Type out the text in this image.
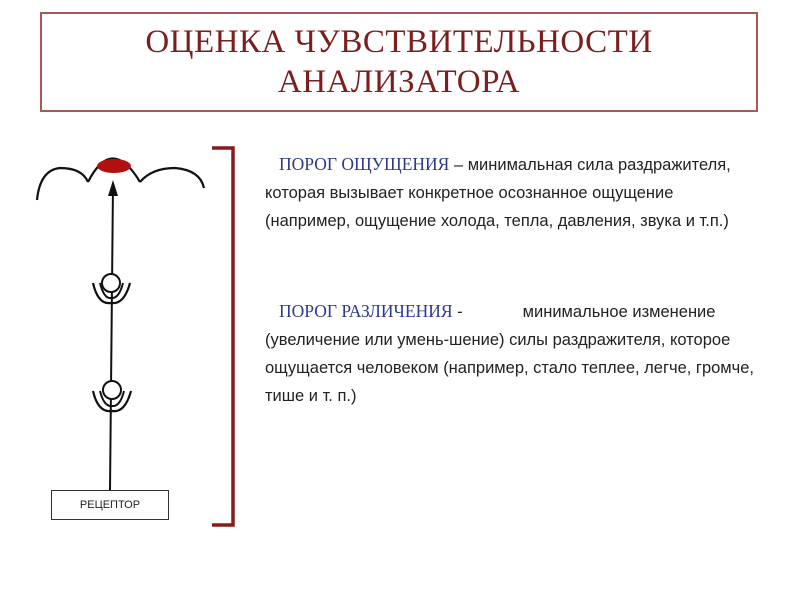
ОЦЕНКА ЧУВСТВИТЕЛЬНОСТИ
АНАЛИЗАТОРА
РЕЦЕПТОР
ПОРОГ ОЩУЩЕНИЯ – минимальная сила раздражителя, которая вызывает конкретное осознанное ощущение (например, ощущение холода, тепла, давления, звука и т.п.)
ПОРОГ РАЗЛИЧЕНИЯ -	минимальное изменение (увеличение или умень-шение) силы раздражителя, которое ощущается человеком (например, стало теплее, легче, громче, тише и т. п.)
